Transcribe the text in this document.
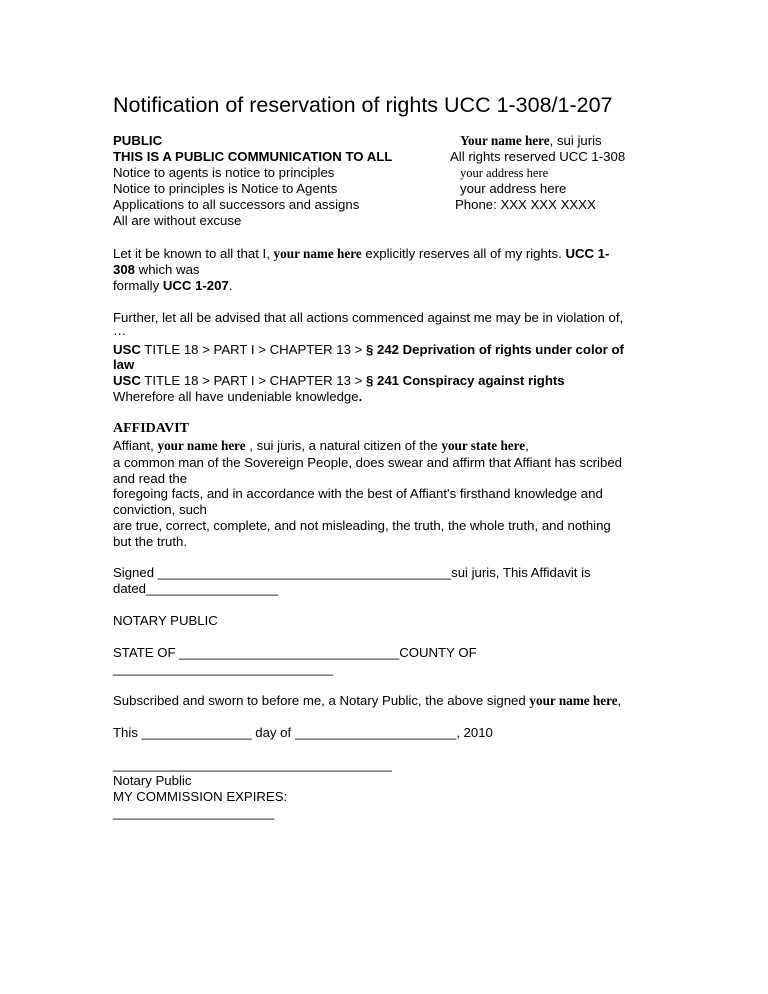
Notification of reservation of rights UCC 1-308/1-207
PUBLIC
THIS IS A PUBLIC COMMUNICATION TO ALL
Notice to agents is notice to principles
Notice to principles is Notice to Agents
Applications to all successors and assigns
All are without excuse
Your name here, sui juris
All rights reserved UCC 1-308
your address here
your address here
Phone: XXX XXX XXXX
Let it be known to all that I, your name here explicitly reserves all of my rights. UCC 1-
308 which was
formally UCC 1-207.
Further, let all be advised that all actions commenced against me may be in violation of,
…
USC TITLE 18 > PART I > CHAPTER 13 > § 242 Deprivation of rights under color of
law
USC TITLE 18 > PART I > CHAPTER 13 > § 241 Conspiracy against rights
Wherefore all have undeniable knowledge.
AFFIDAVIT
Affiant, your name here , sui juris, a natural citizen of the your state here,
a common man of the Sovereign People, does swear and affirm that Affiant has scribed
and read the
foregoing facts, and in accordance with the best of Affiant's firsthand knowledge and
conviction, such
are true, correct, complete, and not misleading, the truth, the whole truth, and nothing
but the truth.
Signed ________________________________________sui juris, This Affidavit is
dated__________________
NOTARY PUBLIC
STATE OF ______________________________COUNTY OF
______________________________
Subscribed and sworn to before me, a Notary Public, the above signed your name here,
This _______________ day of ______________________, 2010
______________________________________
Notary Public
MY COMMISSION EXPIRES:
______________________
